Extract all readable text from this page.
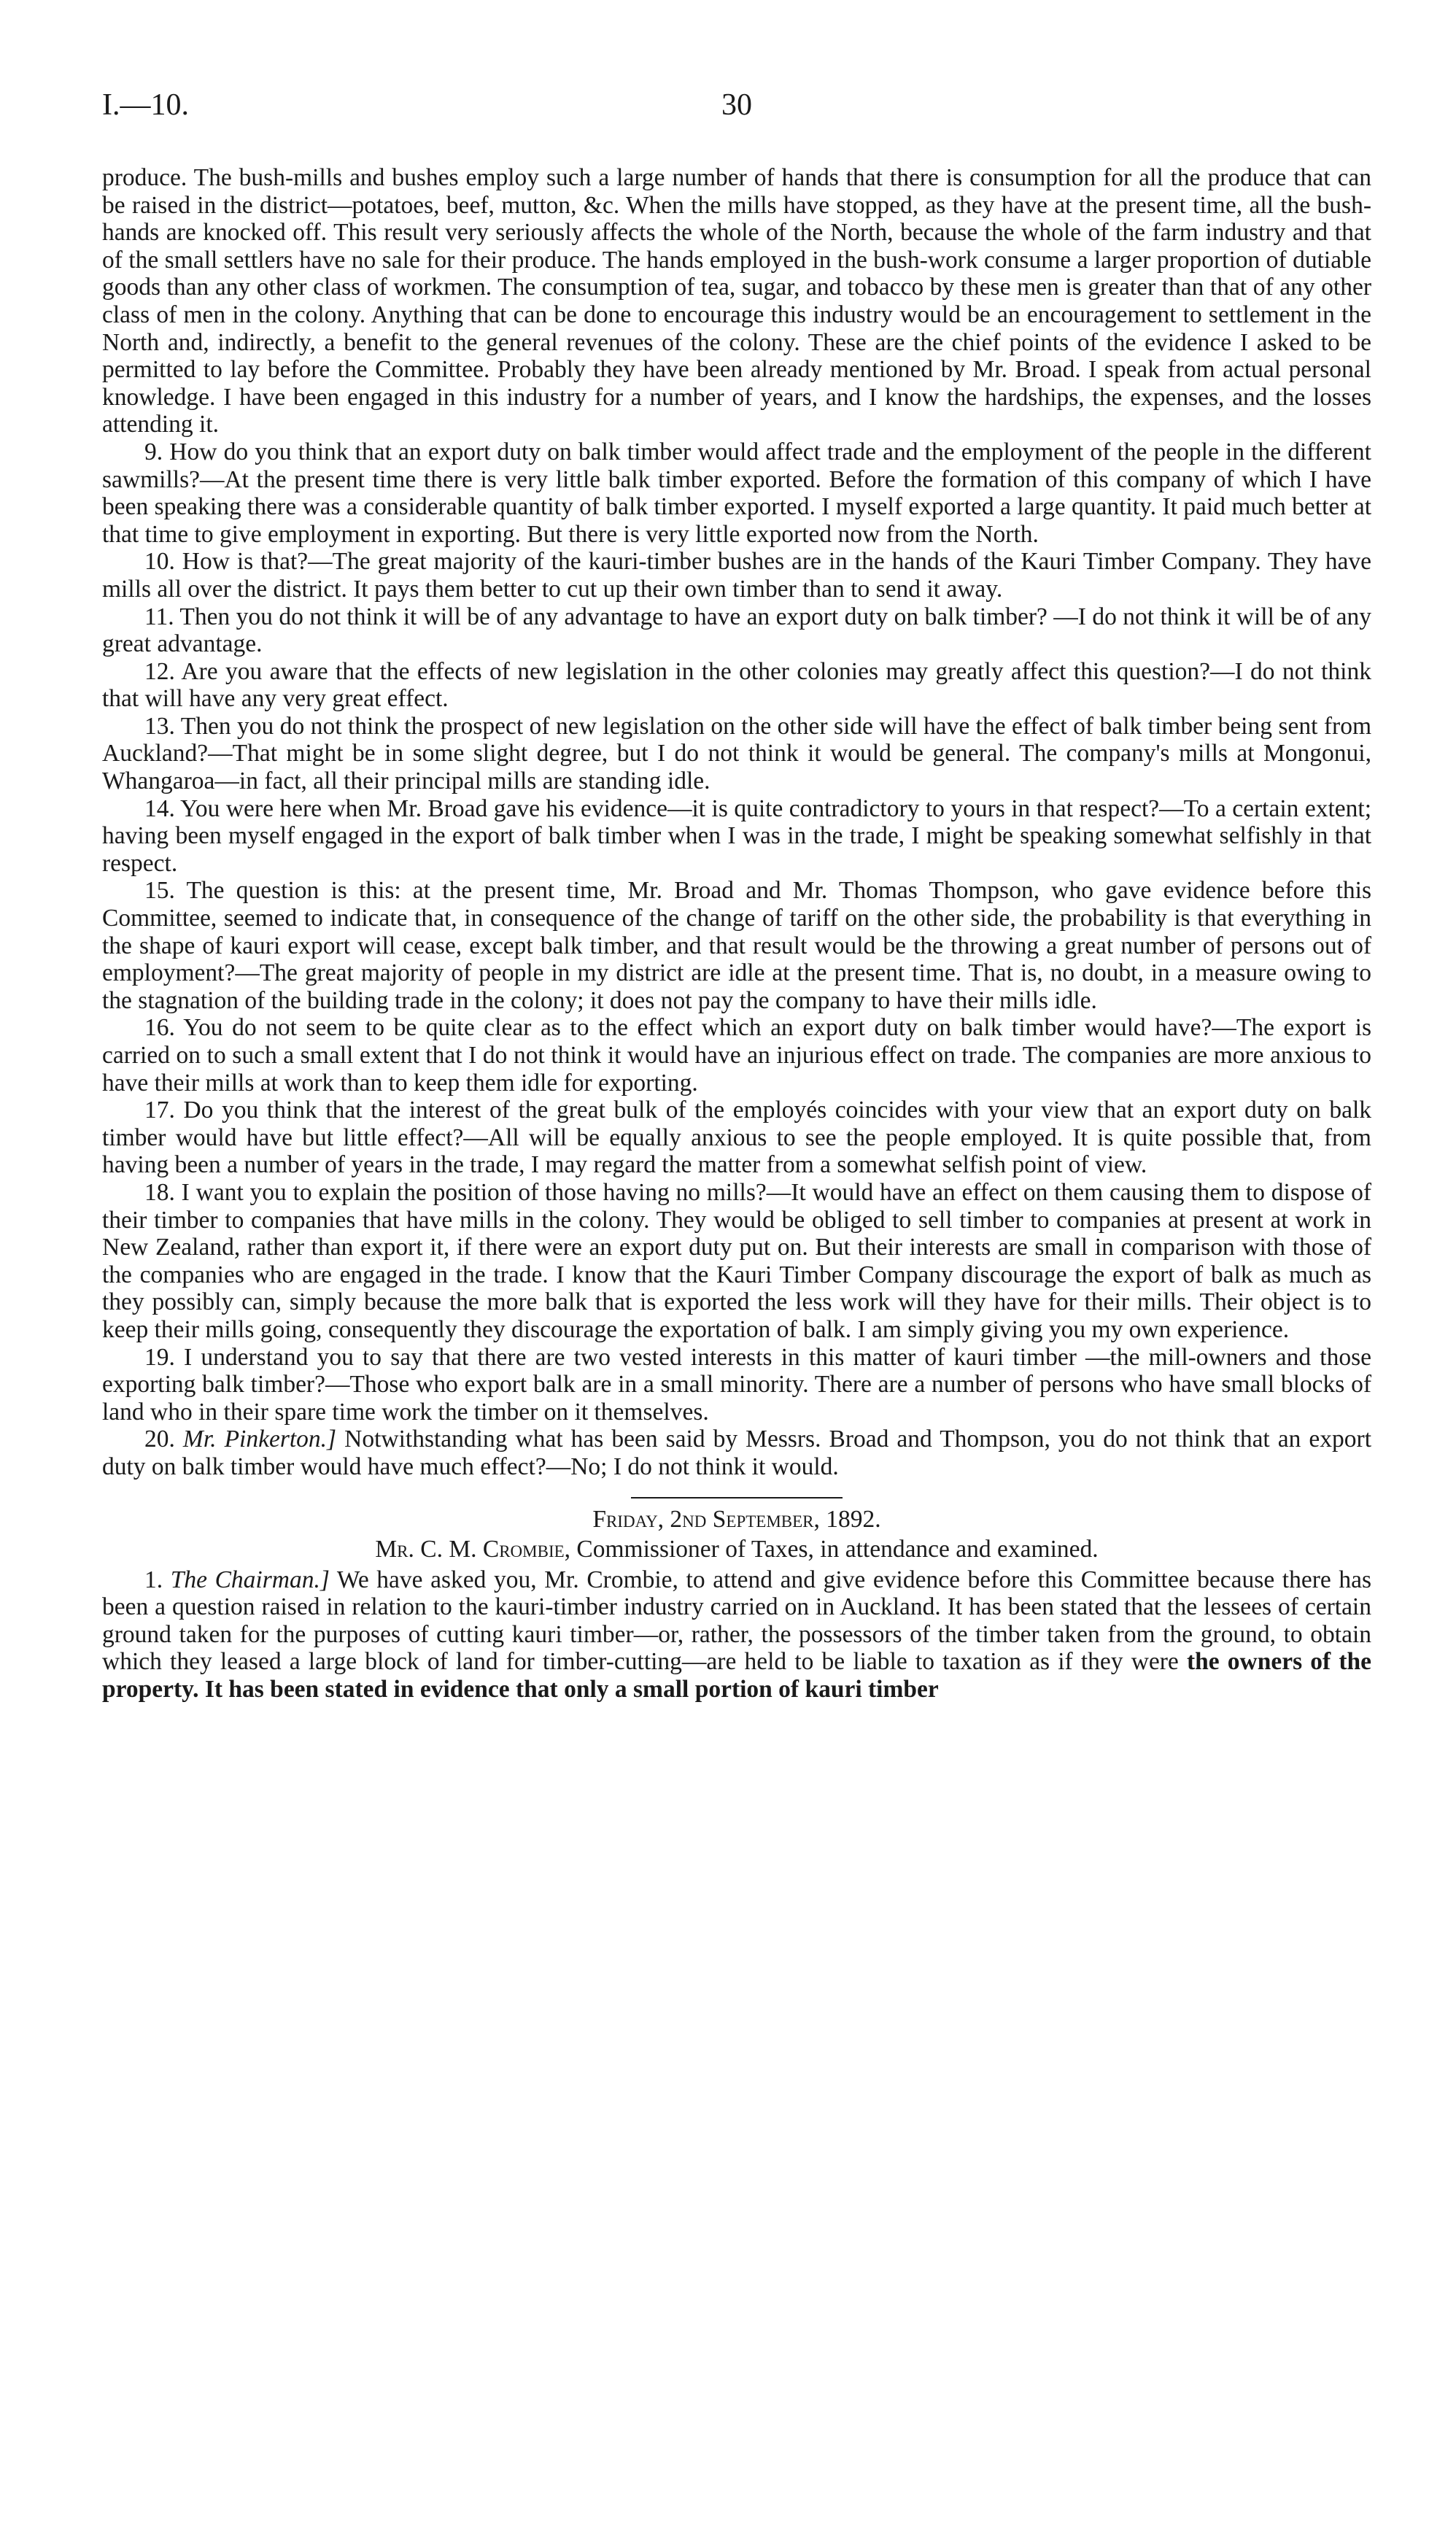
I.—10.	30

produce. The bush-mills and bushes employ such a large number of hands that there is consumption for all the produce that can be raised in the district—potatoes, beef, mutton, &c. When the mills have stopped, as they have at the present time, all the bush-hands are knocked off. This result very seriously affects the whole of the North, because the whole of the farm industry and that of the small settlers have no sale for their produce. The hands employed in the bush-work consume a larger proportion of dutiable goods than any other class of workmen. The consumption of tea, sugar, and tobacco by these men is greater than that of any other class of men in the colony. Anything that can be done to encourage this industry would be an encouragement to settlement in the North and, indirectly, a benefit to the general revenues of the colony. These are the chief points of the evidence I asked to be permitted to lay before the Committee. Probably they have been already mentioned by Mr. Broad. I speak from actual personal knowledge. I have been engaged in this industry for a number of years, and I know the hardships, the expenses, and the losses attending it.

9. How do you think that an export duty on balk timber would affect trade and the employment of the people in the different sawmills?—At the present time there is very little balk timber exported. Before the formation of this company of which I have been speaking there was a considerable quantity of balk timber exported. I myself exported a large quantity. It paid much better at that time to give employment in exporting. But there is very little exported now from the North.

10. How is that?—The great majority of the kauri-timber bushes are in the hands of the Kauri Timber Company. They have mills all over the district. It pays them better to cut up their own timber than to send it away.

11. Then you do not think it will be of any advantage to have an export duty on balk timber? —I do not think it will be of any great advantage.

12. Are you aware that the effects of new legislation in the other colonies may greatly affect this question?—I do not think that will have any very great effect.

13. Then you do not think the prospect of new legislation on the other side will have the effect of balk timber being sent from Auckland?—That might be in some slight degree, but I do not think it would be general. The company's mills at Mongonui, Whangaroa—in fact, all their principal mills are standing idle.

14. You were here when Mr. Broad gave his evidence—it is quite contradictory to yours in that respect?—To a certain extent; having been myself engaged in the export of balk timber when I was in the trade, I might be speaking somewhat selfishly in that respect.

15. The question is this: at the present time, Mr. Broad and Mr. Thomas Thompson, who gave evidence before this Committee, seemed to indicate that, in consequence of the change of tariff on the other side, the probability is that everything in the shape of kauri export will cease, except balk timber, and that result would be the throwing a great number of persons out of employment?—The great majority of people in my district are idle at the present time. That is, no doubt, in a measure owing to the stagnation of the building trade in the colony; it does not pay the company to have their mills idle.

16. You do not seem to be quite clear as to the effect which an export duty on balk timber would have?—The export is carried on to such a small extent that I do not think it would have an injurious effect on trade. The companies are more anxious to have their mills at work than to keep them idle for exporting.

17. Do you think that the interest of the great bulk of the employés coincides with your view that an export duty on balk timber would have but little effect?—All will be equally anxious to see the people employed. It is quite possible that, from having been a number of years in the trade, I may regard the matter from a somewhat selfish point of view.

18. I want you to explain the position of those having no mills?—It would have an effect on them causing them to dispose of their timber to companies that have mills in the colony. They would be obliged to sell timber to companies at present at work in New Zealand, rather than export it, if there were an export duty put on. But their interests are small in comparison with those of the companies who are engaged in the trade. I know that the Kauri Timber Company discourage the export of balk as much as they possibly can, simply because the more balk that is exported the less work will they have for their mills. Their object is to keep their mills going, consequently they discourage the exportation of balk. I am simply giving you my own experience.

19. I understand you to say that there are two vested interests in this matter of kauri timber —the mill-owners and those exporting balk timber?—Those who export balk are in a small minority. There are a number of persons who have small blocks of land who in their spare time work the timber on it themselves.

20. Mr. Pinkerton.] Notwithstanding what has been said by Messrs. Broad and Thompson, you do not think that an export duty on balk timber would have much effect?—No; I do not think it would.

Friday, 2nd September, 1892.

Mr. C. M. Crombie, Commissioner of Taxes, in attendance and examined.

1. The Chairman.] We have asked you, Mr. Crombie, to attend and give evidence before this Committee because there has been a question raised in relation to the kauri-timber industry carried on in Auckland. It has been stated that the lessees of certain ground taken for the purposes of cutting kauri timber—or, rather, the possessors of the timber taken from the ground, to obtain which they leased a large block of land for timber-cutting—are held to be liable to taxation as if they were the owners of the property. It has been stated in evidence that only a small portion of kauri timber
